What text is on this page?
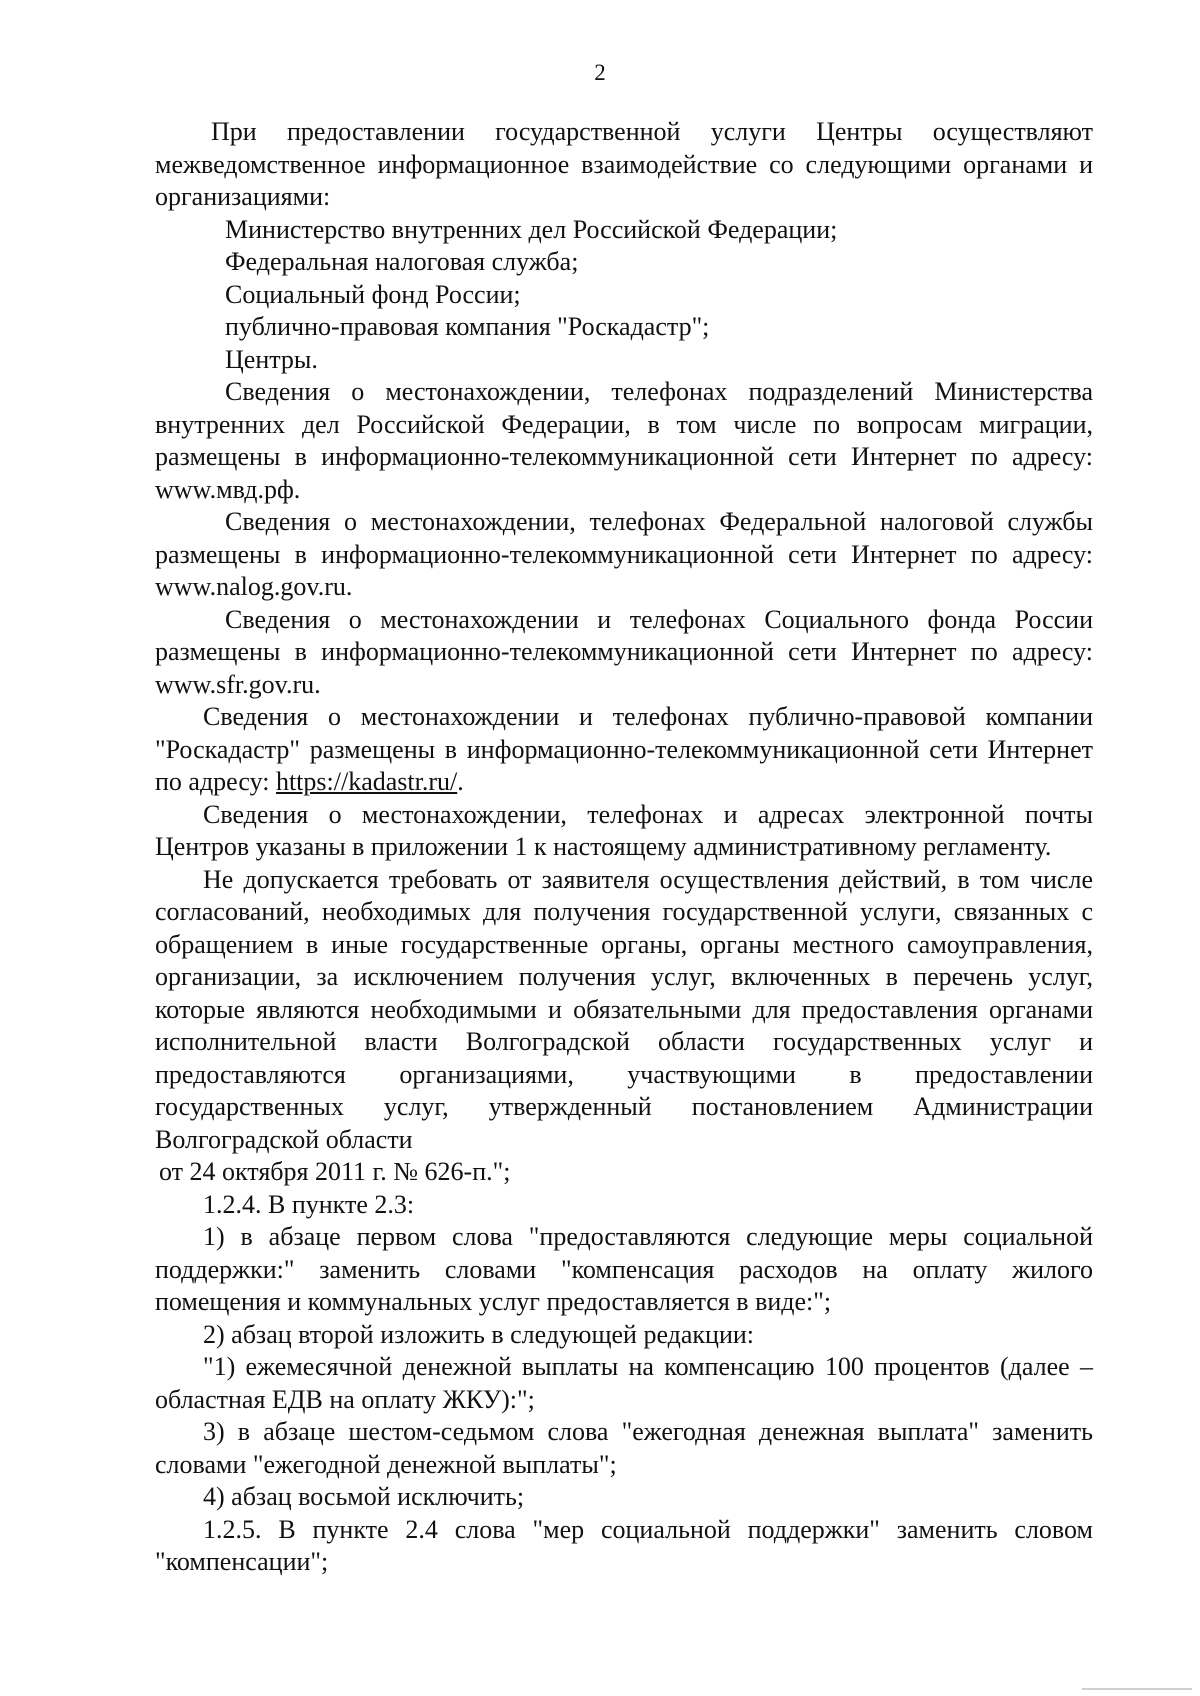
2

При предоставлении государственной услуги Центры осуществляют межведомственное информационное взаимодействие со следующими органами и организациями:

Министерство внутренних дел Российской Федерации;

Федеральная налоговая служба;

Социальный фонд России;

публично-правовая компания "Роскадастр";

Центры.

Сведения о местонахождении, телефонах подразделений Министерства внутренних дел Российской Федерации, в том числе по вопросам миграции, размещены в информационно-телекоммуникационной сети Интернет по адресу: www.мвд.рф.

Сведения о местонахождении, телефонах Федеральной налоговой службы размещены в информационно-телекоммуникационной сети Интернет по адресу: www.nalog.gov.ru.

Сведения о местонахождении и телефонах Социального фонда России размещены в информационно-телекоммуникационной сети Интернет по адресу: www.sfr.gov.ru.

Сведения о местонахождении и телефонах публично-правовой компании "Роскадастр" размещены в информационно-телекоммуникационной сети Интернет по адресу: https://kadastr.ru/.

Сведения о местонахождении, телефонах и адресах электронной почты Центров указаны в приложении 1 к настоящему административному регламенту.

Не допускается требовать от заявителя осуществления действий, в том числе согласований, необходимых для получения государственной услуги, связанных с обращением в иные государственные органы, органы местного самоуправления, организации, за исключением получения услуг, включенных в перечень услуг, которые являются необходимыми и обязательными для предоставления органами исполнительной власти Волгоградской области государственных услуг и предоставляются организациями, участвующими в предоставлении государственных услуг, утвержденный постановлением Администрации Волгоградской области

от 24 октября 2011 г. № 626-п.";

1.2.4. В пункте 2.3:

1) в абзаце первом слова "предоставляются следующие меры социальной поддержки:" заменить словами "компенсация расходов на оплату жилого помещения и коммунальных услуг предоставляется в виде:";

2) абзац второй изложить в следующей редакции:

"1) ежемесячной денежной выплаты на компенсацию 100 процентов (далее – областная ЕДВ на оплату ЖКУ):";

3) в абзаце шестом-седьмом слова "ежегодная денежная выплата" заменить словами "ежегодной денежной выплаты";

4) абзац восьмой исключить;

1.2.5. В пункте 2.4 слова "мер социальной поддержки" заменить словом "компенсации";
